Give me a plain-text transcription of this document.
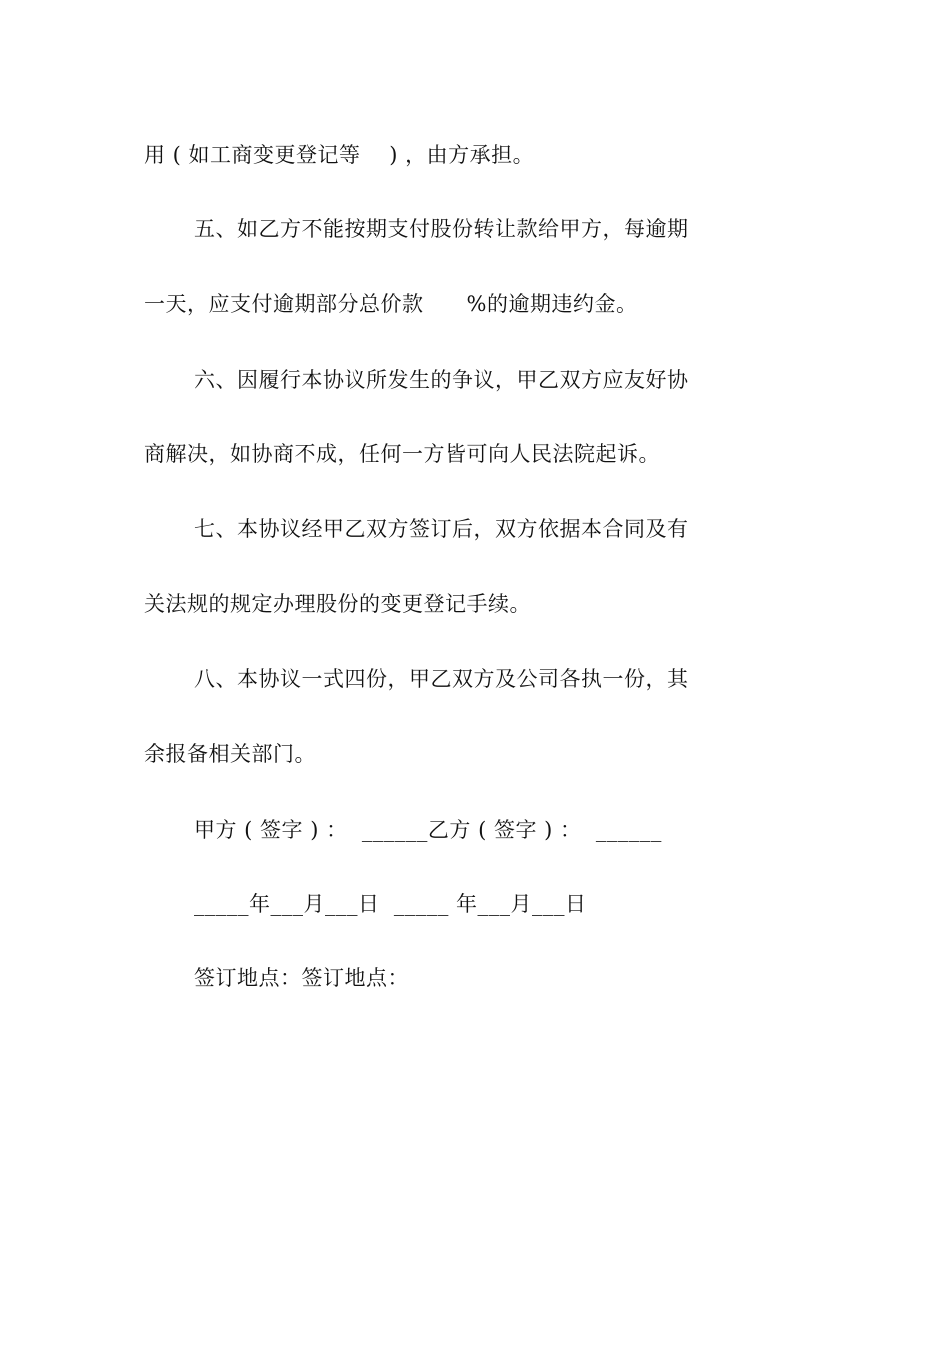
用 ( 如工商变更登记等    ) ，由方承担。
五、如乙方不能按期支付股份转让款给甲方，每逾期
一天，应支付逾期部分总价款      %的逾期违约金。
六、因履行本协议所发生的争议，甲乙双方应友好协
商解决，如协商不成，任何一方皆可向人民法院起诉。
七、本协议经甲乙双方签订后，双方依据本合同及有
关法规的规定办理股份的变更登记手续。
八、本协议一式四份，甲乙双方及公司各执一份，其
余报备相关部门。
甲方 ( 签字 ) ：  ______乙方 ( 签字 ) ：  ______
_____年___月___日  _____ 年___月___日
签订地点：签订地点：
